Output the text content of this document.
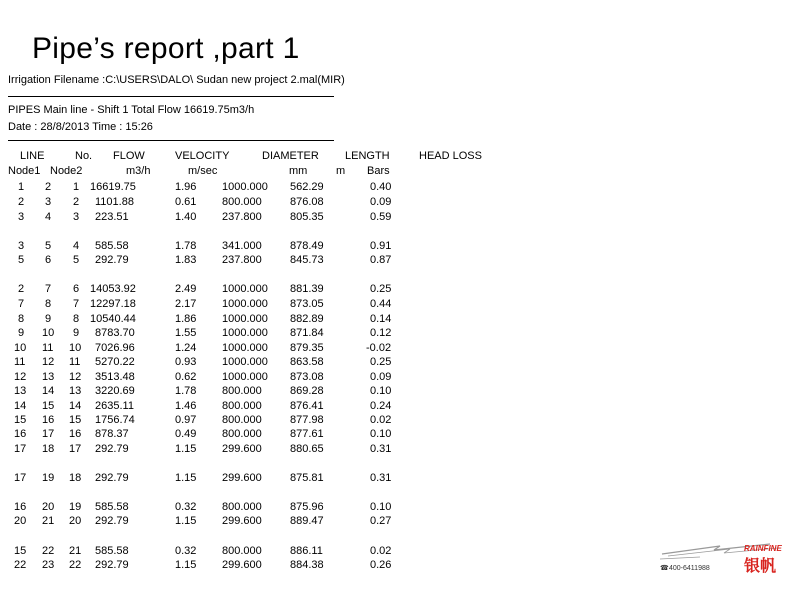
Pipe’s report ,part 1
Irrigation Filename :C:\USERS\DALO\ Sudan new project 2.mal(MIR)
PIPES Main line - Shift 1 Total Flow 16619.75m3/h
Date : 28/8/2013 Time : 15:26
LINE	No. FLOW	VELOCITY	DIAMETER LENGTH	HEAD LOSS
Node1 Node2	m3/h	m/sec	mm	m Bars
1 2 1 16619.75	1.96 1000.000 562.29	0.40
2 3 2 1101.88	0.61 800.000	876.08	0.09
3 4 3 223.51	1.40 237.800	805.35	0.59
3 5 4 585.58	1.78 341.000	878.49	0.91
5 6 5 292.79	1.83 237.800	845.73	0.87
2 7 6 14053.92	2.49 1000.000 881.39	0.25
7 8 7 12297.18	2.17 1000.000 873.05	0.44
8 9 8 10540.44	1.86 1000.000 882.89	0.14
9 10 9 8783.70	1.55 1000.000 871.84	0.12
10 11 10 7026.96	1.24 1000.000 879.35	-0.02
11 12 11 5270.22	0.93 1000.000 863.58	0.25
12 13 12 3513.48	0.62 1000.000 873.08	0.09
13 14 13 3220.69	1.78 800.000	869.28	0.10
14 15 14 2635.11	1.46 800.000	876.41	0.24
15 16 15 1756.74	0.97 800.000	877.98	0.02
16 17 16 878.37	0.49 800.000	877.61	0.10
17 18 17 292.79	1.15 299.600	880.65	0.31
17 19 18 292.79	1.15 299.600	875.81	0.31
16 20 19 585.58	0.32 800.000	875.96	0.10
20 21 20 292.79	1.15 299.600	889.47	0.27
15 22 21 585.58	0.32 800.000	886.11	0.02
22 23 22 292.79	1.15 299.600	884.38	0.26
RAINFINE
☎ 400-6411988 银帆
